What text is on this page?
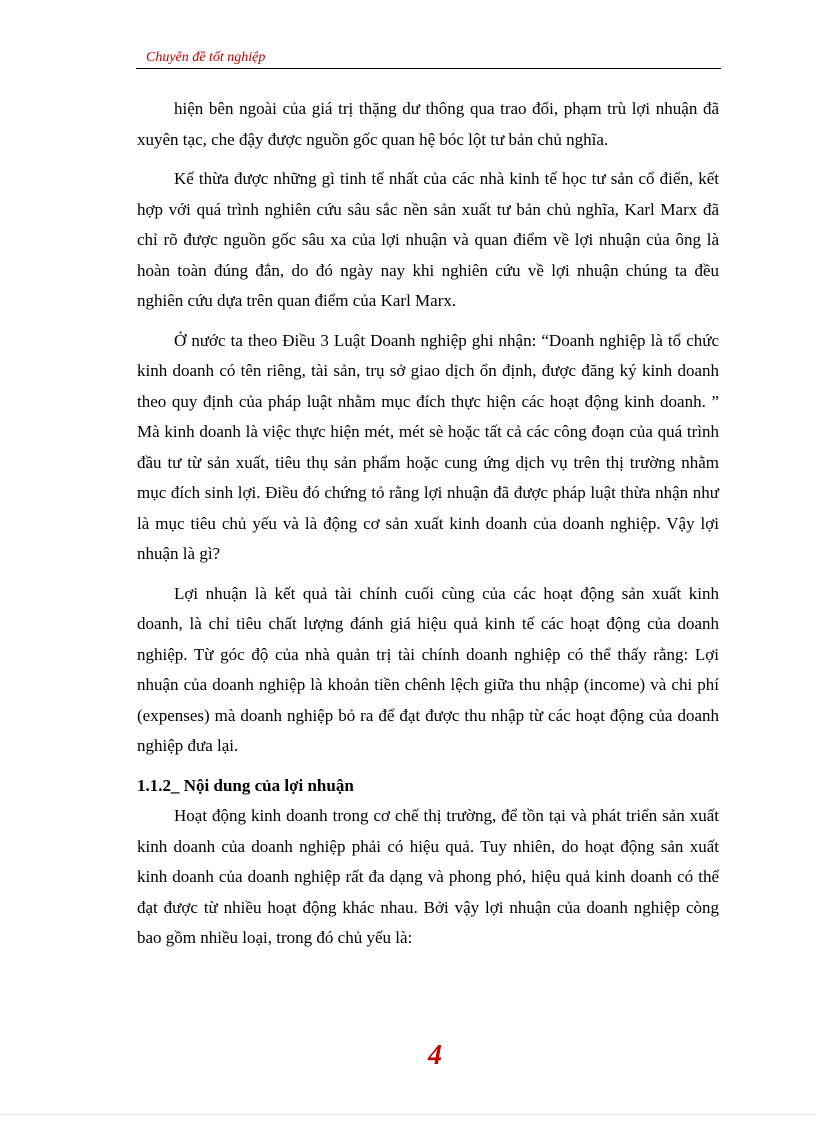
Chuyên đề tốt nghiệp

hiện bên ngoài của giá trị thặng dư thông qua trao đổi, phạm trù lợi nhuận đã xuyên tạc, che đậy được nguồn gốc quan hệ bóc lột tư bản chủ nghĩa.

Kế thừa được những gì tinh tế nhất của các nhà kinh tế học tư sản cổ điển, kết hợp với quá trình nghiên cứu sâu sắc nền sản xuất tư bản chủ nghĩa, Karl Marx đã chỉ rõ được nguồn gốc sâu xa của lợi nhuận và quan điểm về lợi nhuận của ông là hoàn toàn đúng đắn, do đó ngày nay khi nghiên cứu về lợi nhuận chúng ta đều nghiên cứu dựa trên quan điểm của Karl Marx.

Ở nước ta theo Điều 3 Luật Doanh nghiệp ghi nhận: “Doanh nghiệp là tổ chức kinh doanh có tên riêng, tài sản, trụ sở giao dịch ổn định, được đăng ký kinh doanh theo quy định của pháp luật nhằm mục đích thực hiện các hoạt động kinh doanh. ” Mà kinh doanh là việc thực hiện mét, mét sè hoặc tất cả các công đoạn của quá trình đầu tư từ sản xuất, tiêu thụ sản phẩm hoặc cung ứng dịch vụ trên thị trường nhằm mục đích sinh lợi. Điều đó chứng tỏ rằng lợi nhuận đã được pháp luật thừa nhận như là mục tiêu chủ yếu và là động cơ sản xuất kinh doanh của doanh nghiệp. Vậy lợi nhuận là gì?

Lợi nhuận là kết quả tài chính cuối cùng của các hoạt động sản xuất kinh doanh, là chỉ tiêu chất lượng đánh giá hiệu quả kinh tế các hoạt động của doanh nghiệp. Từ góc độ của nhà quản trị tài chính doanh nghiệp có thể thấy rằng: Lợi nhuận của doanh nghiệp là khoản tiền chênh lệch giữa thu nhập (income) và chi phí (expenses) mà doanh nghiệp bỏ ra để đạt được thu nhập từ các hoạt động của doanh nghiệp đưa lại.

1.1.2_ Nội dung của lợi nhuận

Hoạt động kinh doanh trong cơ chế thị trường, để tồn tại và phát triển sản xuất kinh doanh của doanh nghiệp phải có hiệu quả. Tuy nhiên, do hoạt động sản xuất kinh doanh của doanh nghiệp rất đa dạng và phong phó, hiệu quả kinh doanh có thể đạt được từ nhiều hoạt động khác nhau. Bởi vậy lợi nhuận của doanh nghiệp còng bao gồm nhiều loại, trong đó chủ yếu là:

4
